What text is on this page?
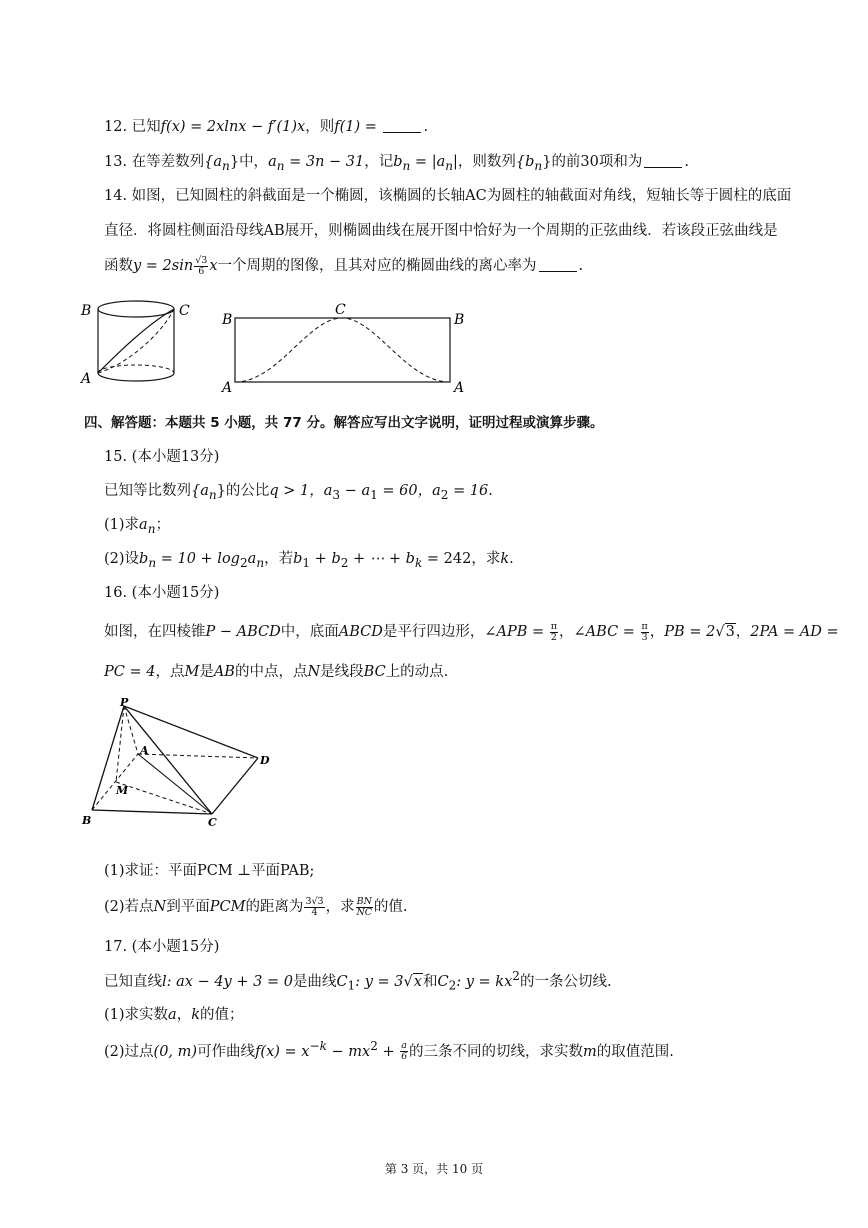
12. 已知f(x) = 2xlnx − f′(1)x，则f(1) =	.
13. 在等差数列$\{a_n\}$中，$a_n = 3n - 31$，记$b_n = |a_n|$，则数列$\{b_n\}$的前30项和为	.
14. 如图，已知圆柱的斜截面是一个椭圆，该椭圆的长轴AC为圆柱的轴截面对角线，短轴长等于圆柱的底面
直径．将圆柱侧面沿母线AB展开，则椭圆曲线在展开图中恰好为一个周期的正弦曲线．若该段正弦曲线是
函数$y = 2\sin \frac{√3}{6}$ x一个周期的图像，且其对应的椭圆曲线的离心率为	.
B	C
A
B	B
C
A	A
四、解答题：本题共 5 小题，共 77 分。解答应写出文字说明，证明过程或演算步骤。
15. (本小题13分)
已知等比数列$\{a_n\}$的公比q > 1，$a_3 - a_1 = 60$，$a_2 = 16$.
(1)求$a_n$；
(2)设$b_n = 10 + \log_2a_n$，若$b_1 + b_2$ + ⋯ + $b_k = 242$，求k.
16. (本小题15分)
如图，在四棱锥P − ABCD中，底面ABCD是平行四边形，∠APB = $\frac{\pi}{2}$ ，∠ABC = $\frac{\pi}{3}$ ，PB = 2√3，2PA = AD =
PC = 4，点M是AB的中点，点N是线段BC上的动点.
P
A
D
M
B	C
(1)求证：平面PCM ⊥平面PAB;
(2)若点N到平面PCM的距离为 $\frac{3√3}{4}$ ，求 $\frac{BN}{NC}$ 的值.
17. (本小题15分)
已知直线l: ax − 4y + 3 = 0是曲线$C_1$: y = 3√x和$C_2$: $y = kx^2$的一条公切线.
(1)求实数a，k的值；
(2)过点(0, m)可作曲线$f(x) = x^{-k} - mx^2 + \frac{a}{6}$ 的三条不同的切线，求实数m的取值范围.
第 3 页，共 10 页
